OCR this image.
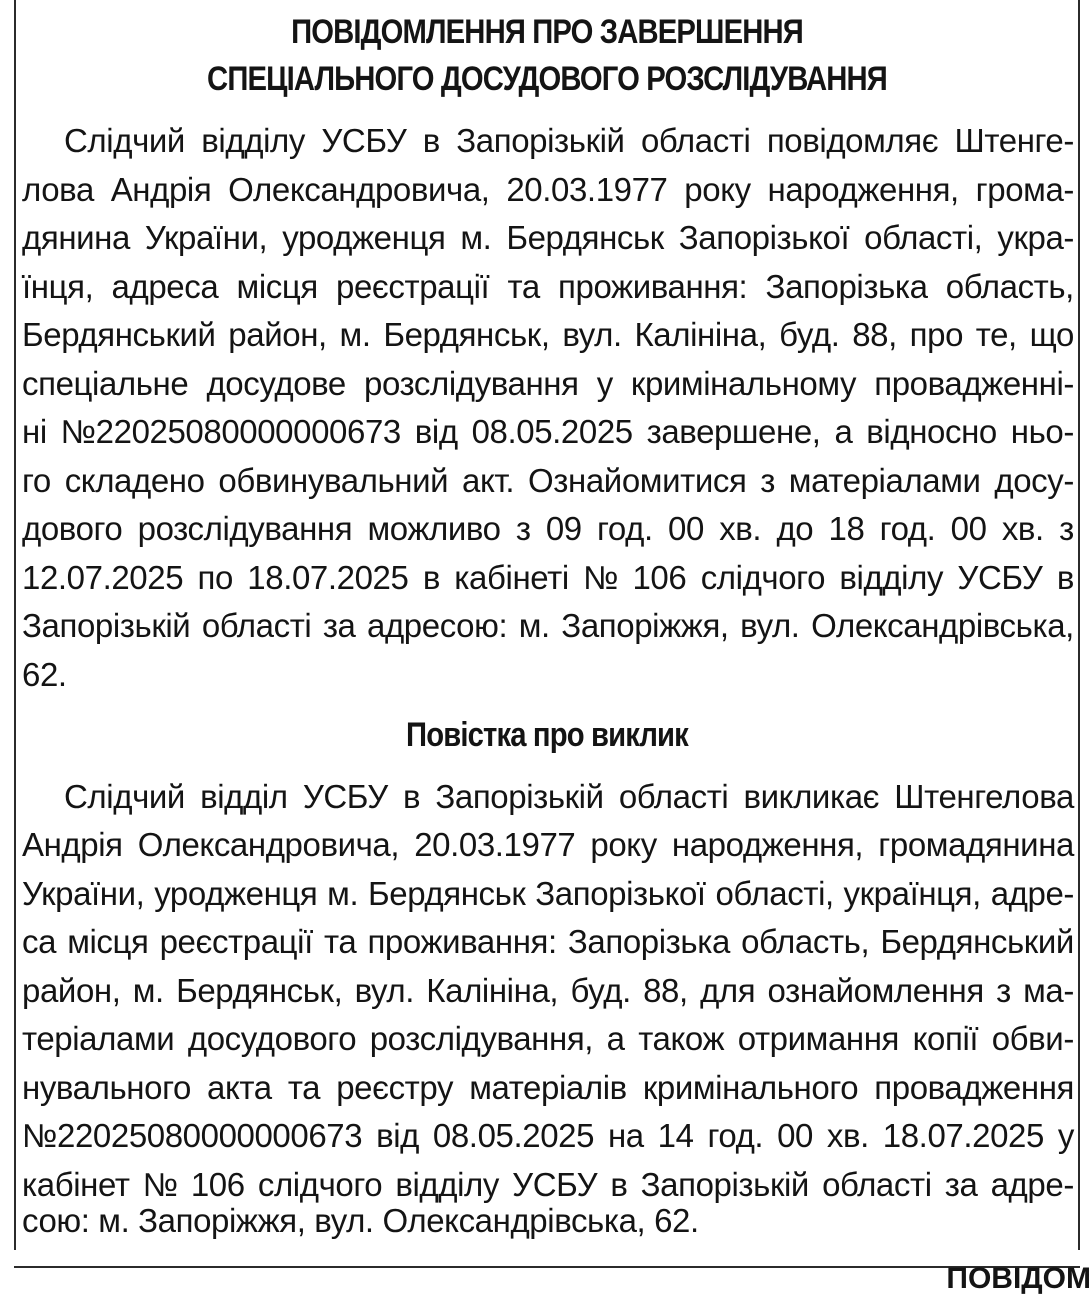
ПОВІДОМЛЕННЯ ПРО ЗАВЕРШЕННЯ
СПЕЦІАЛЬНОГО ДОСУДОВОГО РОЗСЛІДУВАННЯ
Слідчий відділу УСБУ в Запорізькій області повідомляє Штенге-
лова Андрія Олександровича, 20.03.1977 року народження, грома-
дянина України, уродженця м. Бердянськ Запорізької області, укра-
їнця, адреса місця реєстрації та проживання: Запорізька область,
Бердянський район, м. Бердянськ, вул. Калініна, буд. 88, про те, що
спеціальне досудове розслідування у кримінальному провадженні-
ні №22025080000000673 від 08.05.2025 завершене, а відносно ньо-
го складено обвинувальний акт. Ознайомитися з матеріалами досу-
дового розслідування можливо з 09 год. 00 хв. до 18 год. 00 хв. з
12.07.2025 по 18.07.2025 в кабінеті № 106 слідчого відділу УСБУ в
Запорізькій області за адресою: м. Запоріжжя, вул. Олександрівська,
62.
Повістка про виклик
Слідчий відділ УСБУ в Запорізькій області викликає Штенгелова
Андрія Олександровича, 20.03.1977 року народження, громадянина
України, уродженця м. Бердянськ Запорізької області, українця, адре-
са місця реєстрації та проживання: Запорізька область, Бердянський
район, м. Бердянськ, вул. Калініна, буд. 88, для ознайомлення з ма-
теріалами досудового розслідування, а також отримання копії обви-
нувального акта та реєстру матеріалів кримінального провадження
№22025080000000673 від 08.05.2025 на 14 год. 00 хв. 18.07.2025 у
кабінет № 106 слідчого відділу УСБУ в Запорізькій області за адре-
сою: м. Запоріжжя, вул. Олександрівська, 62.
ПОВІДОМ
